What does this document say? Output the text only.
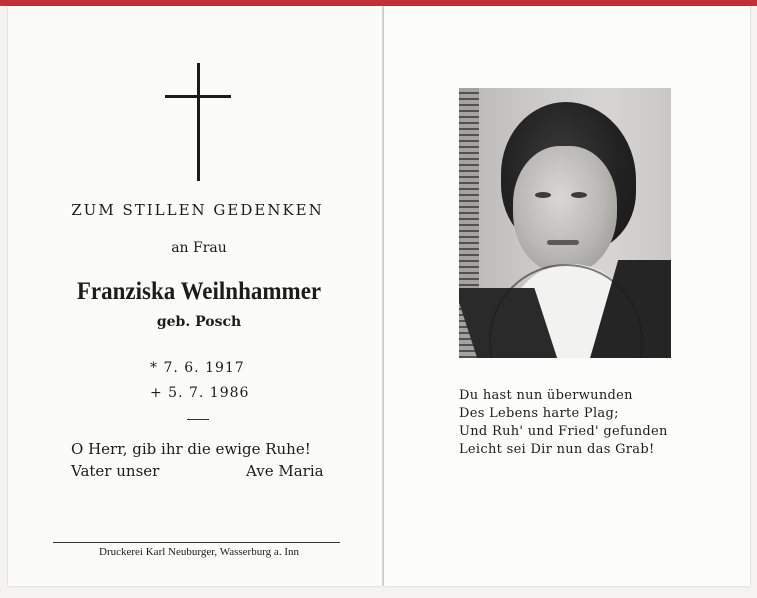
ZUM STILLEN GEDENKEN
an Frau
Franziska Weilnhammer
geb. Posch
* 7. 6. 1917
+ 5. 7. 1986
O Herr, gib ihr die ewige Ruhe!
Vater unser	Ave Maria
Druckerei Karl Neuburger, Wasserburg a. Inn
Du hast nun überwunden
Des Lebens harte Plag;
Und Ruh' und Fried' gefunden
Leicht sei Dir nun das Grab!
